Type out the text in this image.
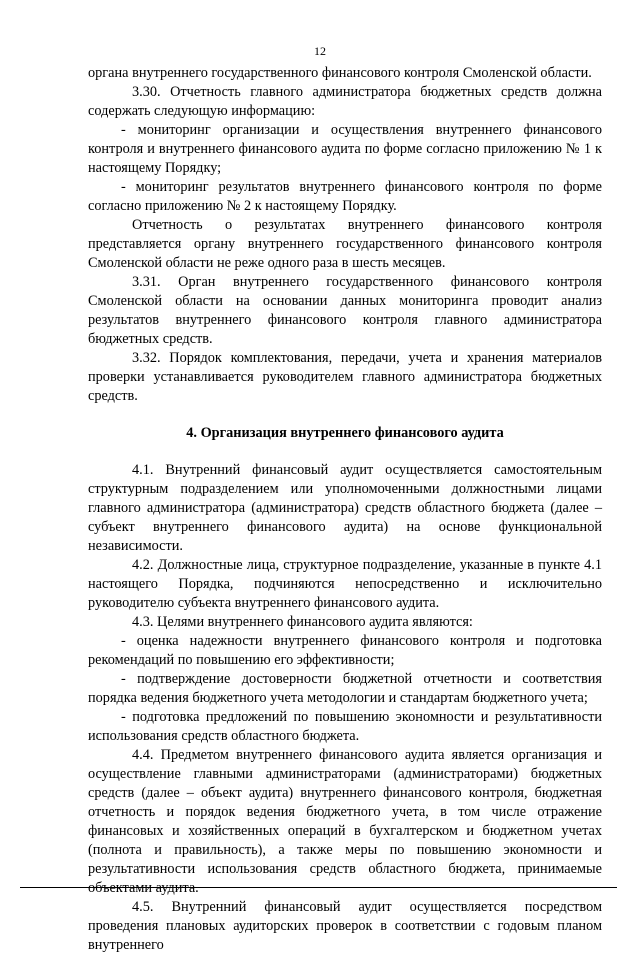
12

органа внутреннего государственного финансового контроля Смоленской области.

3.30. Отчетность главного администратора бюджетных средств должна содержать следующую информацию:

- мониторинг организации и осуществления внутреннего финансового контроля и внутреннего финансового аудита по форме согласно приложению № 1 к настоящему Порядку;

- мониторинг результатов внутреннего финансового контроля по форме согласно приложению № 2 к настоящему Порядку.

Отчетность о результатах внутреннего финансового контроля представляется органу внутреннего государственного финансового контроля Смоленской области не реже одного раза в шесть месяцев.

3.31. Орган внутреннего государственного финансового контроля Смоленской области на основании данных мониторинга проводит анализ результатов внутреннего финансового контроля главного администратора бюджетных средств.

3.32. Порядок комплектования, передачи, учета и хранения материалов проверки устанавливается руководителем главного администратора бюджетных средств.

4. Организация внутреннего финансового аудита

4.1. Внутренний финансовый аудит осуществляется самостоятельным структурным подразделением или уполномоченными должностными лицами главного администратора (администратора) средств областного бюджета (далее – субъект внутреннего финансового аудита) на основе функциональной независимости.

4.2. Должностные лица, структурное подразделение, указанные в пункте 4.1 настоящего Порядка, подчиняются непосредственно и исключительно руководителю субъекта внутреннего финансового аудита.

4.3. Целями внутреннего финансового аудита являются:

- оценка надежности внутреннего финансового контроля и подготовка рекомендаций по повышению его эффективности;

- подтверждение достоверности бюджетной отчетности и соответствия порядка ведения бюджетного учета методологии и стандартам бюджетного учета;

- подготовка предложений по повышению экономности и результативности использования средств областного бюджета.

4.4. Предметом внутреннего финансового аудита является организация и осуществление главными администраторами (администраторами) бюджетных средств (далее – объект аудита) внутреннего финансового контроля, бюджетная отчетность и порядок ведения бюджетного учета, в том числе отражение финансовых и хозяйственных операций в бухгалтерском и бюджетном учетах (полнота и правильность), а также меры по повышению экономности и результативности использования средств областного бюджета, принимаемые объектами аудита.

4.5. Внутренний финансовый аудит осуществляется посредством проведения плановых аудиторских проверок в соответствии с годовым планом внутреннего
